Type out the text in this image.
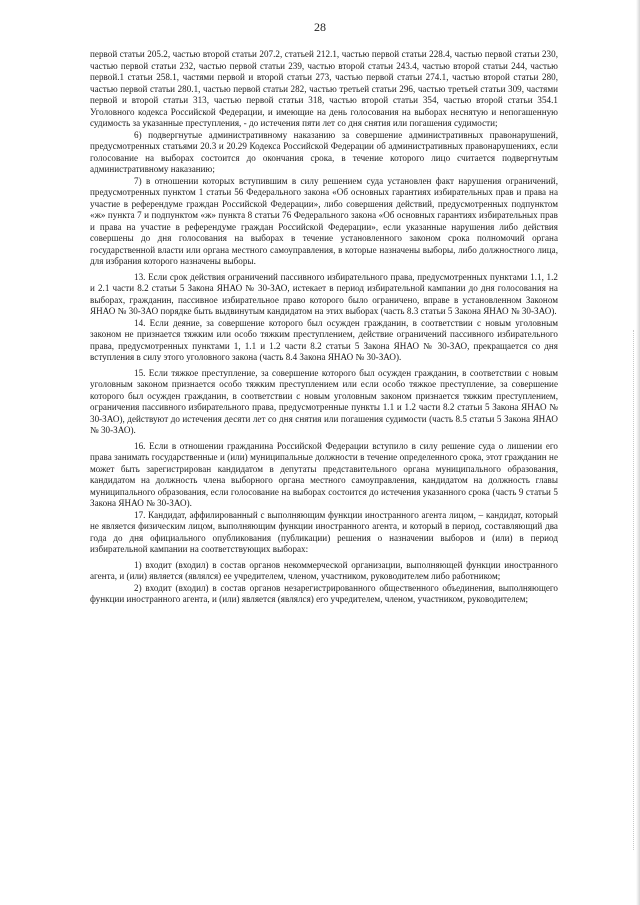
28

первой статьи 205.2, частью второй статьи 207.2, статьей 212.1, частью первой статьи 228.4, частью первой статьи 230, частью первой статьи 232, частью первой статьи 239, частью второй статьи 243.4, частью второй статьи 244, частью первой.1 статьи 258.1, частями первой и второй статьи 273, частью первой статьи 274.1, частью второй статьи 280, частью первой статьи 280.1, частью первой статьи 282, частью третьей статьи 296, частью третьей статьи 309, частями первой и второй статьи 313, частью первой статьи 318, частью второй статьи 354, частью второй статьи 354.1 Уголовного кодекса Российской Федерации, и имеющие на день голосования на выборах неснятую и непогашенную судимость за указанные преступления, - до истечения пяти лет со дня снятия или погашения судимости;

6) подвергнутые административному наказанию за совершение административных правонарушений, предусмотренных статьями 20.3 и 20.29 Кодекса Российской Федерации об административных правонарушениях, если голосование на выборах состоится до окончания срока, в течение которого лицо считается подвергнутым административному наказанию;

7) в отношении которых вступившим в силу решением суда установлен факт нарушения ограничений, предусмотренных пунктом 1 статьи 56 Федерального закона «Об основных гарантиях избирательных прав и права на участие в референдуме граждан Российской Федерации», либо совершения действий, предусмотренных подпунктом «ж» пункта 7 и подпунктом «ж» пункта 8 статьи 76 Федерального закона «Об основных гарантиях избирательных прав и права на участие в референдуме граждан Российской Федерации», если указанные нарушения либо действия совершены до дня голосования на выборах в течение установленного законом срока полномочий органа государственной власти или органа местного самоуправления, в которые назначены выборы, либо должностного лица, для избрания которого назначены выборы.

13. Если срок действия ограничений пассивного избирательного права, предусмотренных пунктами 1.1, 1.2 и 2.1 части 8.2 статьи 5 Закона ЯНАО № 30-ЗАО, истекает в период избирательной кампании до дня голосования на выборах, гражданин, пассивное избирательное право которого было ограничено, вправе в установленном Законом ЯНАО № 30-ЗАО порядке быть выдвинутым кандидатом на этих выборах (часть 8.3 статьи 5 Закона ЯНАО № 30-ЗАО).

14. Если деяние, за совершение которого был осужден гражданин, в соответствии с новым уголовным законом не признается тяжким или особо тяжким преступлением, действие ограничений пассивного избирательного права, предусмотренных пунктами 1, 1.1 и 1.2 части 8.2 статьи 5 Закона ЯНАО № 30-ЗАО, прекращается со дня вступления в силу этого уголовного закона (часть 8.4 Закона ЯНАО № 30-ЗАО).

15. Если тяжкое преступление, за совершение которого был осужден гражданин, в соответствии с новым уголовным законом признается особо тяжким преступлением или если особо тяжкое преступление, за совершение которого был осужден гражданин, в соответствии с новым уголовным законом признается тяжким преступлением, ограничения пассивного избирательного права, предусмотренные пункты 1.1 и 1.2 части 8.2 статьи 5 Закона ЯНАО № 30-ЗАО), действуют до истечения десяти лет со дня снятия или погашения судимости (часть 8.5 статьи 5 Закона ЯНАО № 30-ЗАО).

16. Если в отношении гражданина Российской Федерации вступило в силу решение суда о лишении его права занимать государственные и (или) муниципальные должности в течение определенного срока, этот гражданин не может быть зарегистрирован кандидатом в депутаты представительного органа муниципального образования, кандидатом на должность члена выборного органа местного самоуправления, кандидатом на должность главы муниципального образования, если голосование на выборах состоится до истечения указанного срока (часть 9 статьи 5 Закона ЯНАО № 30-ЗАО).

17. Кандидат, аффилированный с выполняющим функции иностранного агента лицом, – кандидат, который не является физическим лицом, выполняющим функции иностранного агента, и который в период, составляющий два года до дня официального опубликования (публикации) решения о назначении выборов и (или) в период избирательной кампании на соответствующих выборах:

1) входит (входил) в состав органов некоммерческой организации, выполняющей функции иностранного агента, и (или) является (являлся) ее учредителем, членом, участником, руководителем либо работником;

2) входит (входил) в состав органов незарегистрированного общественного объединения, выполняющего функции иностранного агента, и (или) является (являлся) его учредителем, членом, участником, руководителем;
